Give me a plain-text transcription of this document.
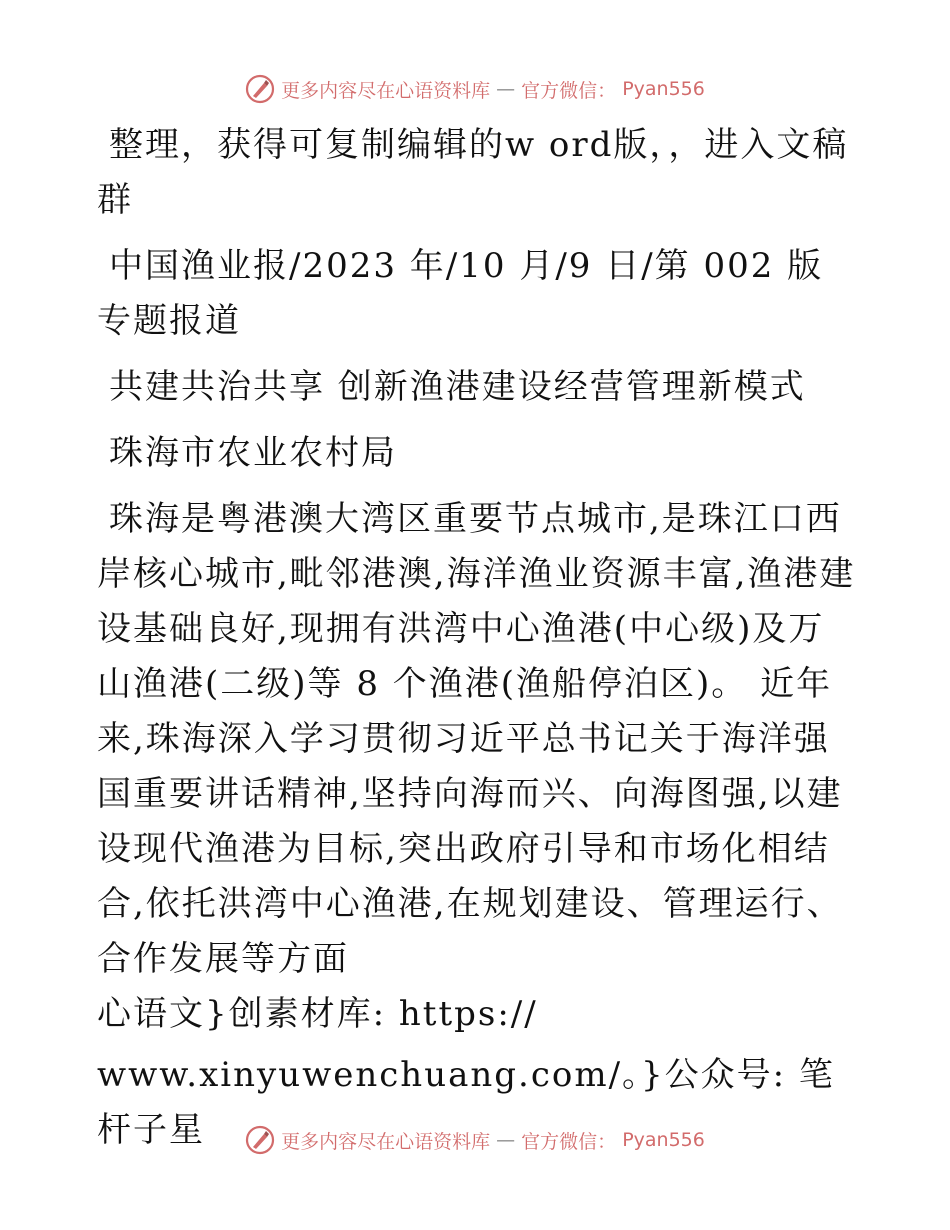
更多内容尽在心语资料库 — 官方微信： Pyan556

整理，获得可复制编辑的w ord版，，进入文稿群

中国渔业报/2023 年/10 月/9 日/第 002 版专题报道

共建共治共享 创新渔港建设经营管理新模式

珠海市农业农村局

珠海是粤港澳大湾区重要节点城市,是珠江口西岸核心城市,毗邻港澳,海洋渔业资源丰富,渔港建设基础良好,现拥有洪湾中心渔港(中心级)及万山渔港(二级)等 8 个渔港(渔船停泊区)。 近年来,珠海深入学习贯彻习近平总书记关于海洋强国重要讲话精神,坚持向海而兴、向海图强,以建设现代渔港为目标,突出政府引导和市场化相结合,依托洪湾中心渔港,在规划建设、管理运行、合作发展等方面

心语文}创素材库: https://

www.xinyuwenchuang.com/。}公众号: 笔杆子星	更多内容尽在心语资料库 — 官方微信： Pyan556
